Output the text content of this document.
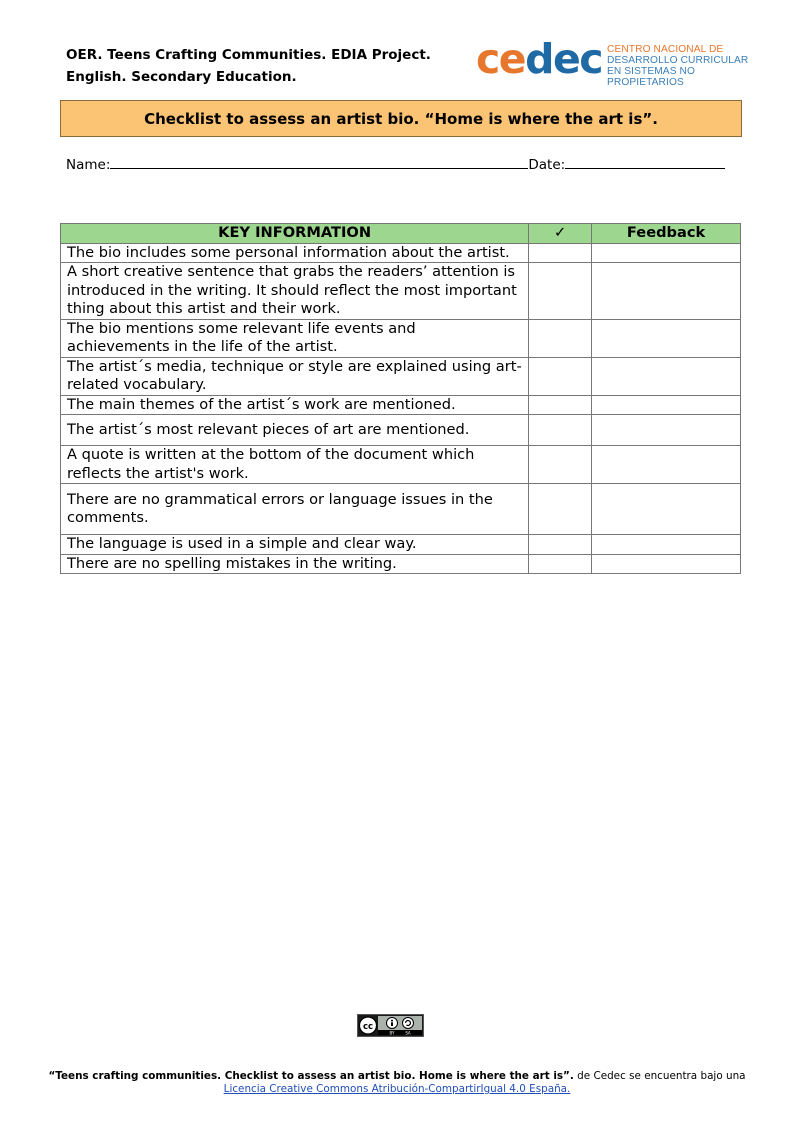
OER. Teens Crafting Communities. EDIA Project.
English. Secondary Education.	cedec CENTRO NACIONAL DE
DESARROLLO CURRICULAR
EN SISTEMAS NO PROPIETARIOS
Checklist to assess an artist bio. “Home is where the art is”.
Name:	Date:
KEY INFORMATION	✓	Feedback
The bio includes some personal information about the artist.		
A short creative sentence that grabs the readers’ attention is introduced in the writing. It should reflect the most important thing about this artist and their work.		
The bio mentions some relevant life events and achievements in the life of the artist.		
The artist´s media, technique or style are explained using art-related vocabulary.		
The main themes of the artist´s work are mentioned.		
The artist´s most relevant pieces of art are mentioned.		
A quote is written at the bottom of the document which reflects the artist's work.		
There are no grammatical errors or language issues in the comments.		
The language is used in a simple and clear way.		
There are no spelling mistakes in the writing.		
cc
BY	SA
“Teens crafting communities. Checklist to assess an artist bio. Home is where the art is”. de Cedec se encuentra bajo una Licencia Creative Commons Atribución-CompartirIgual 4.0 España.
